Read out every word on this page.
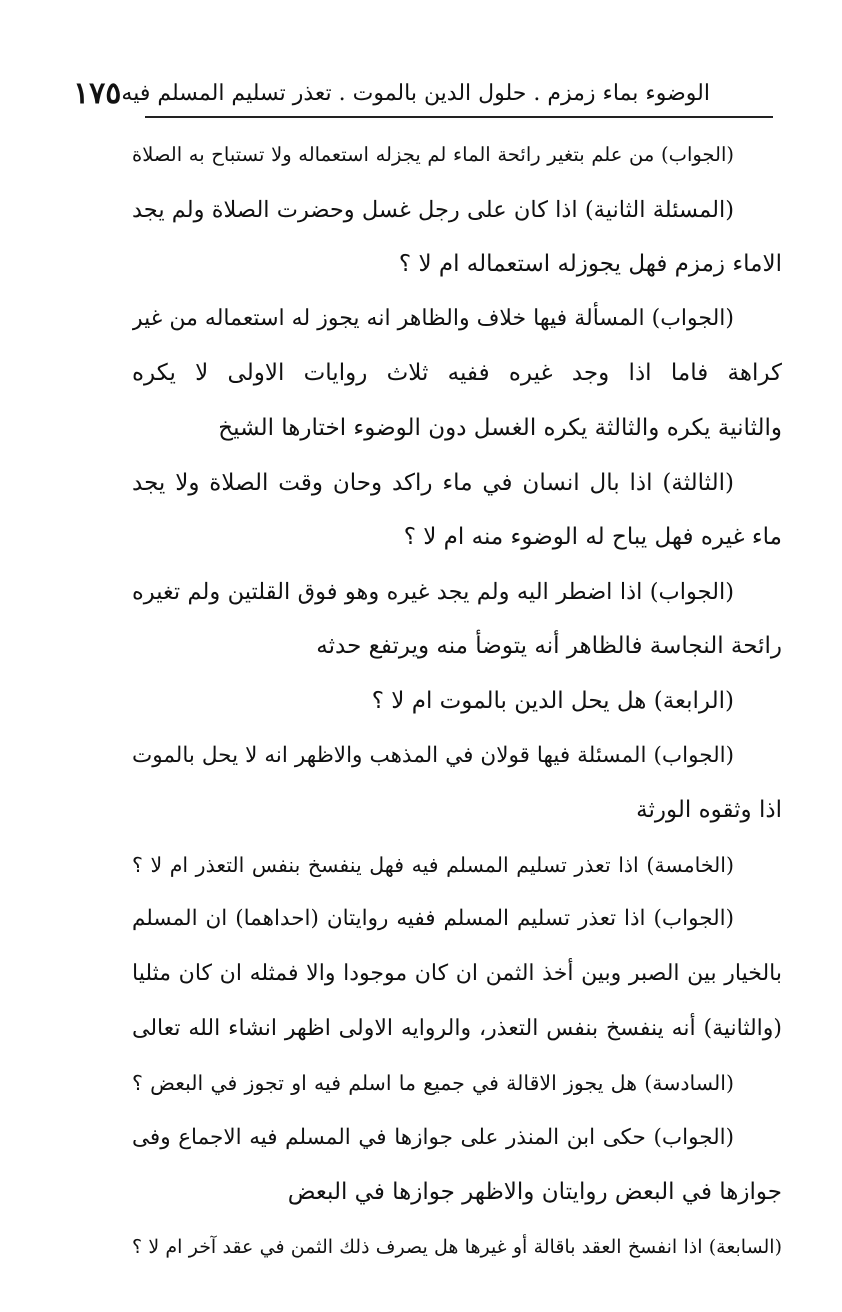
الوضوء بماء زمزم . حلول الدين بالموت . تعذر تسليم المسلم فيه
١٧٥
(الجواب) من علم بتغير رائحة الماء لم يجزله استعماله ولا تستباح به الصلاة
(المسئلة الثانية) اذا كان على رجل غسل وحضرت الصلاة ولم يجد
الاماء زمزم فهل يجوزله استعماله ام لا ؟
(الجواب) المسألة فيها خلاف والظاهر انه يجوز له استعماله من غير
كراهة فاما اذا وجد غيره ففيه ثلاث روايات الاولى لا يكره
والثانية يكره والثالثة يكره الغسل دون الوضوء اختارها الشيخ
(الثالثة) اذا بال انسان في ماء راكد وحان وقت الصلاة ولا يجد
ماء غيره فهل يباح له الوضوء منه ام لا ؟
(الجواب) اذا اضطر اليه ولم يجد غيره وهو فوق القلتين ولم تغيره
رائحة النجاسة فالظاهر أنه يتوضأ منه ويرتفع حدثه
(الرابعة) هل يحل الدين بالموت ام لا ؟
(الجواب) المسئلة فيها قولان في المذهب والاظهر انه لا يحل بالموت
اذا وثقوه الورثة
(الخامسة) اذا تعذر تسليم المسلم فيه فهل ينفسخ بنفس التعذر ام لا ؟
(الجواب) اذا تعذر تسليم المسلم ففيه روايتان (احداهما) ان المسلم
بالخيار بين الصبر وبين أخذ الثمن ان كان موجودا والا فمثله ان كان مثليا
(والثانية) أنه ينفسخ بنفس التعذر، والروايه الاولى اظهر انشاء الله تعالى
(السادسة) هل يجوز الاقالة في جميع ما اسلم فيه او تجوز في البعض ؟
(الجواب) حكى ابن المنذر على جوازها في المسلم فيه الاجماع وفى
جوازها في البعض روايتان والاظهر جوازها في البعض
(السابعة) اذا انفسخ العقد باقالة أو غيرها هل يصرف ذلك الثمن في عقد آخر ام لا ؟
